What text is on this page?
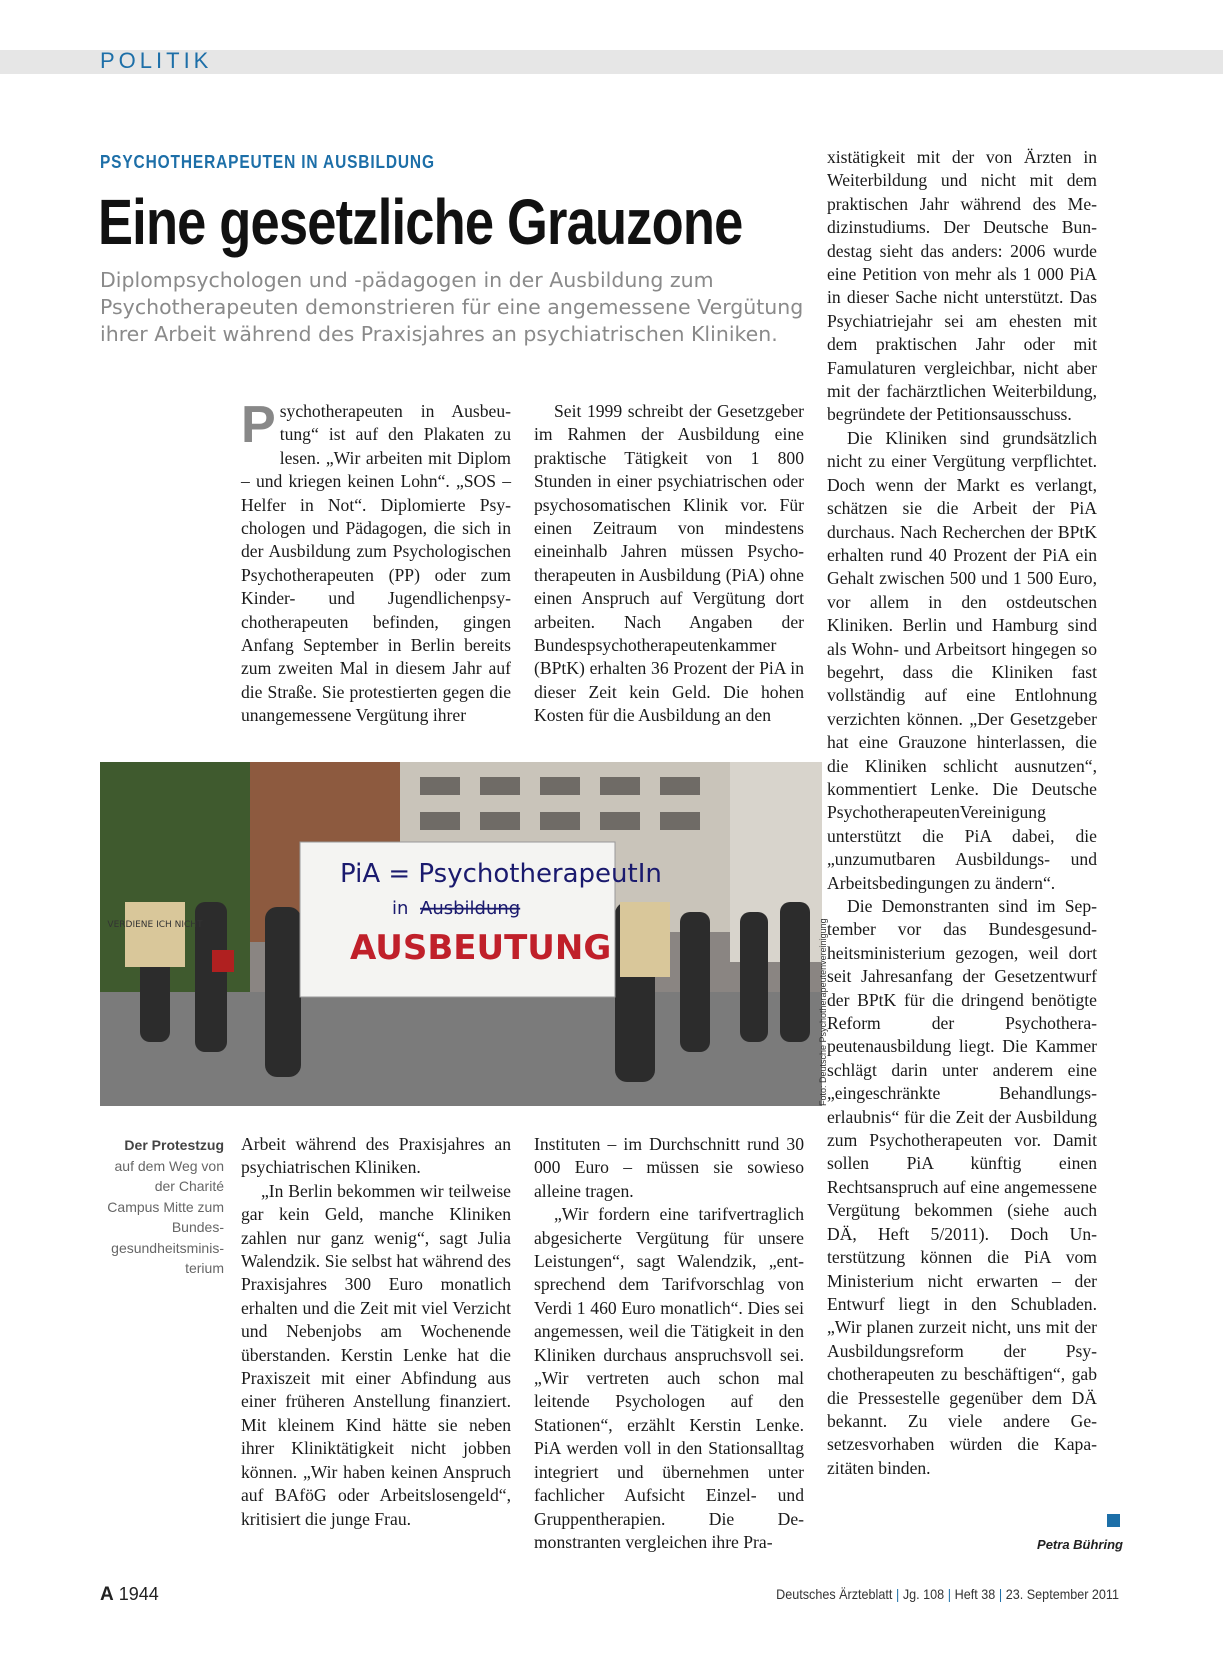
POLITIK
PSYCHOTHERAPEUTEN IN AUSBILDUNG
Eine gesetzliche Grauzone
Diplompsychologen und -pädagogen in der Ausbildung zum Psychotherapeuten demonstrieren für eine angemessene Vergütung ihrer Arbeit während des Praxisjahres an psychiatrischen Kliniken.
Psychotherapeuten in Ausbeutung“ ist auf den Plakaten zu lesen. „Wir arbeiten mit Diplom – und kriegen keinen Lohn“. „SOS – Helfer in Not“. Diplomierte Psychologen und Pädagogen, die sich in der Ausbildung zum Psychologischen Psychotherapeuten (PP) oder zum Kinder- und Jugendlichenpsychotherapeuten befinden, gingen Anfang September in Berlin bereits zum zweiten Mal in diesem Jahr auf die Straße. Sie protestierten gegen die unangemessene Vergütung ihrer

Seit 1999 schreibt der Gesetzgeber im Rahmen der Ausbildung eine praktische Tätigkeit von 1 800 Stunden in einer psychiatrischen oder psychosomatischen Klinik vor. Für einen Zeitraum von mindestens eineinhalb Jahren müssen Psychotherapeuten in Ausbildung (PiA) ohne einen Anspruch auf Vergütung dort arbeiten. Nach Angaben der Bundespsychotherapeutenkammer (BPtK) erhalten 36 Prozent der PiA in dieser Zeit kein Geld. Die hohen Kosten für die Ausbildung an den

xistätigkeit mit der von Ärzten in Weiterbildung und nicht mit dem praktischen Jahr während des Medizinstudiums. Der Deutsche Bundestag sieht das anders: 2006 wurde eine Petition von mehr als 1 000 PiA in dieser Sache nicht unterstützt. Das Psychiatriejahr sei am ehesten mit dem praktischen Jahr oder mit Famulaturen vergleichbar, nicht aber mit der fachärztlichen Weiterbildung, begründete der Petitionsausschuss.

Die Kliniken sind grundsätzlich nicht zu einer Vergütung verpflichtet. Doch wenn der Markt es verlangt, schätzen sie die Arbeit der PiA durchaus. Nach Recherchen der BPtK erhalten rund 40 Prozent der PiA ein Gehalt zwischen 500 und 1 500 Euro, vor allem in den ostdeutschen Kliniken. Berlin und Hamburg sind als Wohn- und Arbeitsort hingegen so begehrt, dass die Kliniken fast vollständig auf eine Entlohnung verzichten können. „Der Gesetzgeber hat eine Grauzone hinterlassen, die die Kliniken schlicht ausnutzen“, kommentiert Lenke. Die Deutsche PsychotherapeutenVereinigung unterstützt die PiA dabei, die „unzumutbaren Ausbildungs- und Arbeitsbedingungen zu ändern“.

Die Demonstranten sind im September vor das Bundesgesundheitsministerium gezogen, weil dort seit Jahresanfang der Gesetzentwurf der BPtK für die dringend benötigte Reform der Psychotherapeutenausbildung liegt. Die Kammer schlägt darin unter anderem eine „eingeschränkte Behandlungserlaubnis“ für die Zeit der Ausbildung zum Psychotherapeuten vor. Damit sollen PiA künftig einen Rechtsanspruch auf eine angemessene Vergütung bekommen (siehe auch DÄ, Heft 5/2011). Doch Unterstützung können die PiA vom Ministerium nicht erwarten – der Entwurf liegt in den Schubladen. „Wir planen zurzeit nicht, uns mit der Ausbildungsreform der Psychotherapeuten zu beschäftigen“, gab die Pressestelle gegenüber dem DÄ bekannt. Zu viele andere Gesetzesvorhaben würden die Kapazitäten binden.

VERDIENE ICH NICHT
PiA = PsychotherapeutIn
in Ausbildung
AUSBEUTUNG	Foto: Deutsche Psychotherapeutenvereinigung
Der Protestzug
auf dem Weg von der Charité Campus Mitte zum Bundesgesundheitsministerium

Arbeit während des Praxisjahres an psychiatrischen Kliniken.

„In Berlin bekommen wir teilweise gar kein Geld, manche Kliniken zahlen nur ganz wenig“, sagt Julia Walendzik. Sie selbst hat während des Praxisjahres 300 Euro monatlich erhalten und die Zeit mit viel Verzicht und Nebenjobs am Wochenende überstanden. Kerstin Lenke hat die Praxiszeit mit einer Abfindung aus einer früheren Anstellung finanziert. Mit kleinem Kind hätte sie neben ihrer Kliniktätigkeit nicht jobben können. „Wir haben keinen Anspruch auf BAföG oder Arbeitslosengeld“, kritisiert die junge Frau.

Instituten – im Durchschnitt rund 30 000 Euro – müssen sie sowieso alleine tragen.

„Wir fordern eine tarifvertraglich abgesicherte Vergütung für unsere Leistungen“, sagt Walendzik, „entsprechend dem Tarifvorschlag von Verdi 1 460 Euro monatlich“. Dies sei angemessen, weil die Tätigkeit in den Kliniken durchaus anspruchsvoll sei. „Wir vertreten auch schon mal leitende Psychologen auf den Stationen“, erzählt Kerstin Lenke. PiA werden voll in den Stationsalltag integriert und übernehmen unter fachlicher Aufsicht Einzel- und Gruppentherapien. Die Demonstranten vergleichen ihre Pra-	Petra Bühring
A 1944	Deutsches Ärzteblatt | Jg. 108 | Heft 38 | 23. September 2011
